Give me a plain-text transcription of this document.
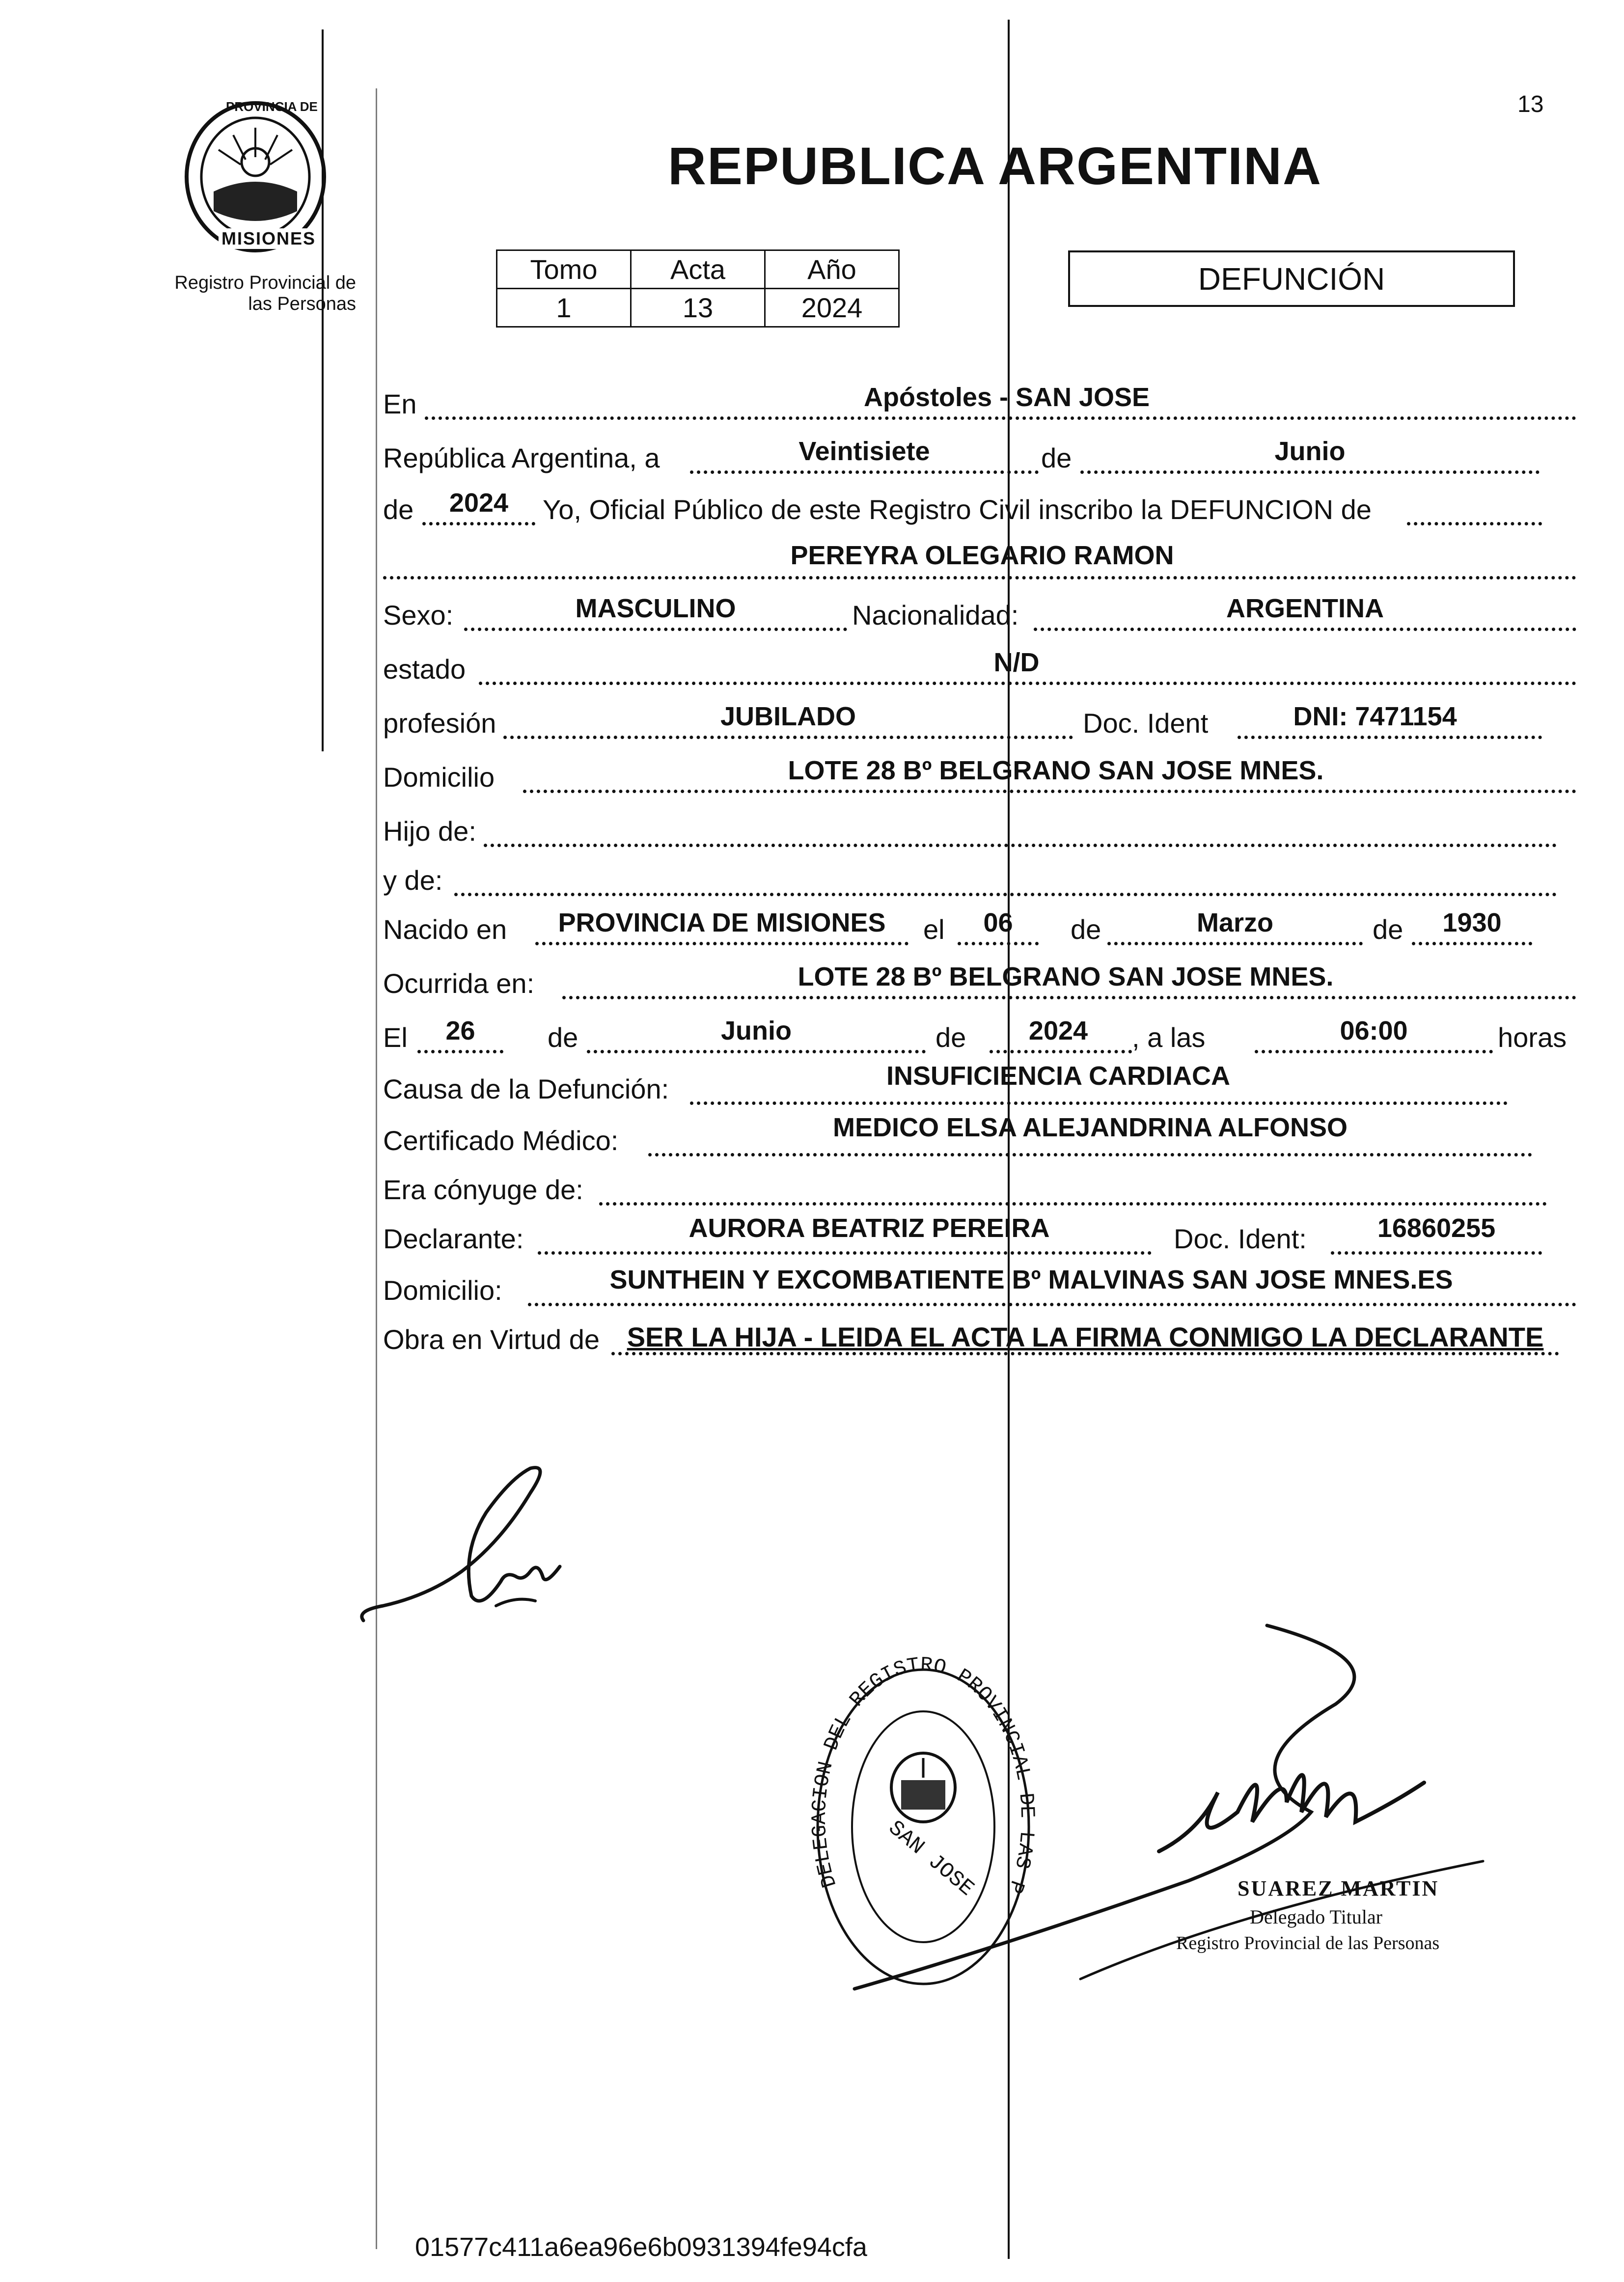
13
PROVINCIA DE
MISIONES
Registro Provincial de
las Personas
REPUBLICA ARGENTINA
Tomo	Acta	Año
1	13	2024
DEFUNCIÓN
En	Apóstoles - SAN JOSE
República Argentina, a	Veintisiete	de	Junio
de	2024	Yo, Oficial Público de este Registro Civil inscribo la DEFUNCION de
PEREYRA OLEGARIO RAMON
Sexo:	MASCULINO	Nacionalidad:	ARGENTINA
estado	N/D
profesión	JUBILADO	Doc. Ident	DNI: 7471154
Domicilio	LOTE 28 Bº BELGRANO SAN JOSE MNES.
Hijo de:
y de:
Nacido en	PROVINCIA DE MISIONES	el	06	de	Marzo	de	1930
Ocurrida en:	LOTE 28 Bº BELGRANO SAN JOSE MNES.
El	26	de	Junio	de	2024	, a las	06:00	horas
Causa de la Defunción:	INSUFICIENCIA CARDIACA
Certificado Médico:	MEDICO ELSA ALEJANDRINA ALFONSO
Era cónyuge de:
Declarante:	AURORA BEATRIZ PEREIRA	Doc. Ident:	16860255
Domicilio:	SUNTHEIN Y EXCOMBATIENTE Bº MALVINAS SAN JOSE MNES.ES
Obra en Virtud de SER LA HIJA - LEIDA EL ACTA LA FIRMA CONMIGO LA DECLARANTE
DELEGACION DEL REGISTRO PROVINCIAL DE LAS P
SAN JOSE	SUAREZ MARTIN
Delegado Titular
Registro Provincial de las Personas
01577c411a6ea96e6b0931394fe94cfa
